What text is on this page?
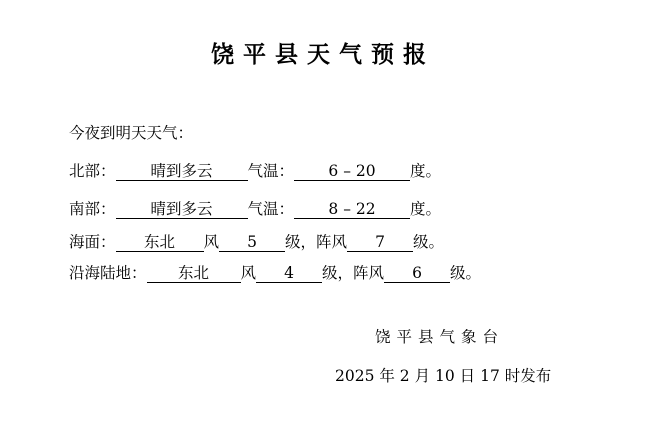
饶平县天气预报
今夜到明天天气：
北部： 晴到多云 气温： 6 – 20 度。
南部： 晴到多云 气温： 8 – 22 度。
海面： 东北 风 5 级，阵风 7 级。
沿海陆地： 东北 风 4 级，阵风 6 级。
饶平县气象台
2025 年 2 月 10 日 17 时发布
